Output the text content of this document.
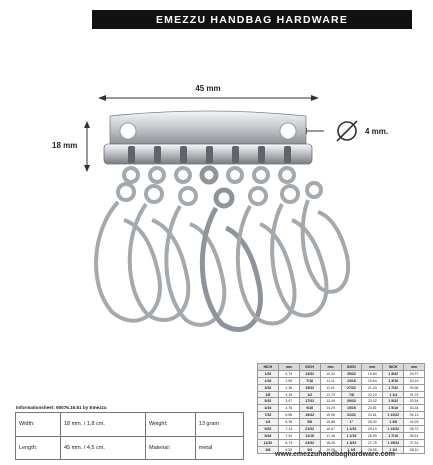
EMEZZU HANDBAG HARDWARE
45 mm
18 mm
4 mm.
Informationsheet: 60076.16.61 by Emezzu
Width:	18 mm. / 1,8 cm.	Weight:	13 gram
Length:	45 mm. / 4,5 cm.	Material:	metal
INCH	mm	INCH	mm	INCH	mm	INCH	mm
1/32	0,79	13/32	10,32	25/32	19,84	1 5/32	29,37
1/16	1,59	7/16	11,11	13/16	20,64	1 3/16	30,16
3/32	2,38	15/32	11,91	27/32	21,43	1 7/32	30,96
1/8	3,18	1/2	12,70	7/8	22,23	1 1/4	31,75
5/32	3,97	17/32	13,49	29/32	23,02	1 9/32	32,54
3/16	4,76	9/16	14,29	15/16	23,81	1 5/16	33,34
7/32	5,56	19/32	15,08	31/32	24,61	1 11/32	34,13
1/4	6,35	5/8	15,88	1"	25,40	1 3/8	34,93
9/32	7,14	21/32	16,67	1 1/32	26,19	1 13/32	35,72
5/16	7,94	11/16	17,46	1 1/16	26,99	1 7/16	36,51
11/32	8,73	23/32	18,26	1 3/32	27,78	1 15/32	37,31
3/8	9,53	3/4	19,05	1 1/8	28,58	1 1/2	38,10
www.emezzuhandbaghardware.com
